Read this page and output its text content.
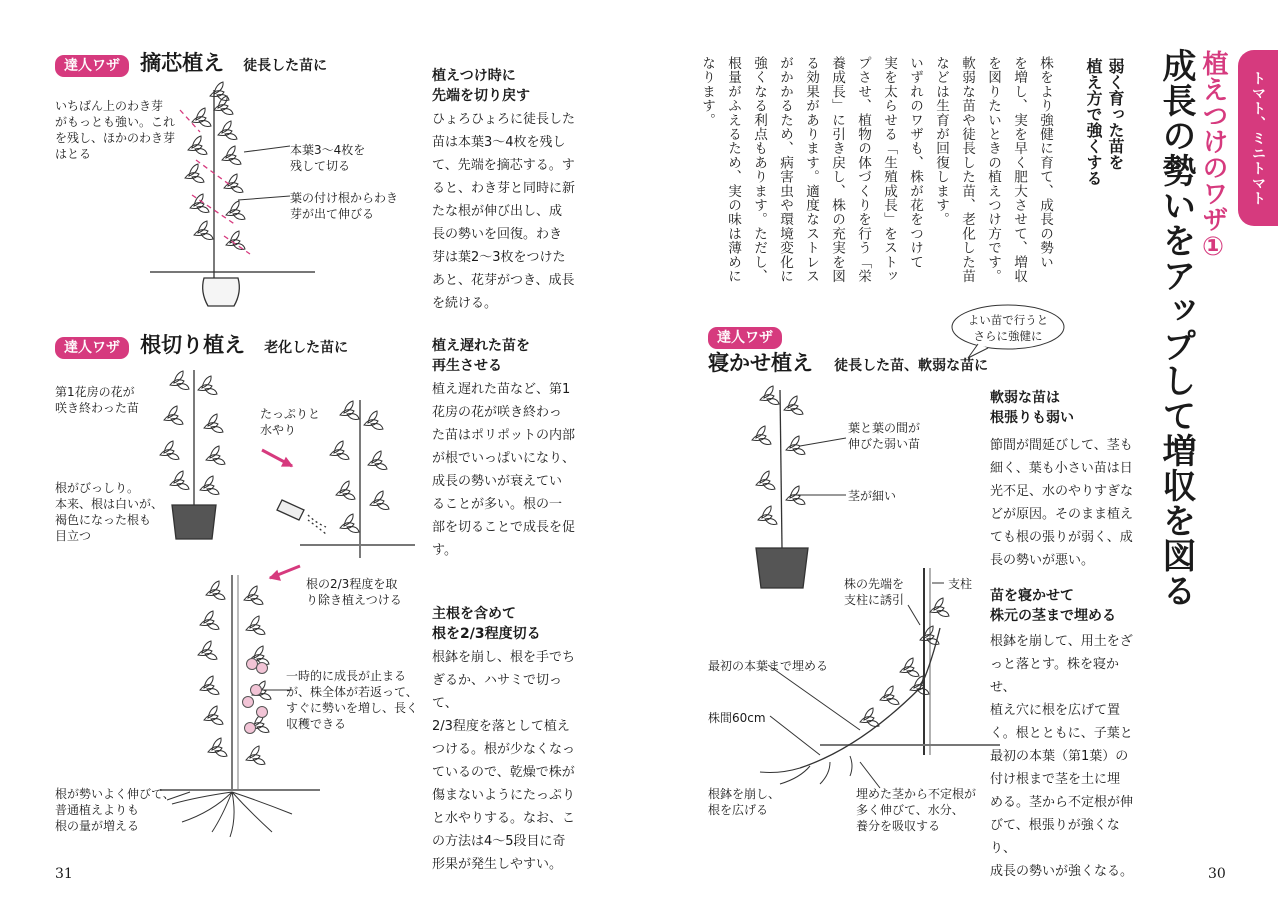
トマト、ミニトマト
植えつけのワザ①
成長の勢いをアップして増収を図る
弱く育った苗を
植え方で強くする
株をより強健に育て、成長の勢い
を増し、実を早く肥大させて、増収
を図りたいときの植えつけ方です。
軟弱な苗や徒長した苗、老化した苗
などは生育が回復します。
いずれのワザも、株が花をつけて
実を太らせる「生殖成長」をストッ
プさせ、植物の体づくりを行う「栄
養成長」に引き戻し、株の充実を図
る効果があります。適度なストレス
がかかるため、病害虫や環境変化に
強くなる利点もあります。ただし、
根量がふえるため、実の味は薄めに
なります。
よい苗で行うと
さらに強健に
達人ワザ
寝かせ植え 徒長した苗、軟弱な苗に
葉と葉の間が
伸びた弱い苗
茎が細い
株の先端を
支柱に誘引
支柱
最初の本葉まで埋める
株間60cm
根鉢を崩し、
根を広げる
埋めた茎から不定根が
多く伸びて、水分、
養分を吸収する
軟弱な苗は
根張りも弱い
節間が間延びして、茎も
細く、葉も小さい苗は日
光不足、水のやりすぎな
どが原因。そのまま植え
ても根の張りが弱く、成
長の勢いが悪い。
苗を寝かせて
株元の茎まで埋める
根鉢を崩して、用土をざ
っと落とす。株を寝かせ、
植え穴に根を広げて置
く。根とともに、子葉と
最初の本葉（第1葉）の
付け根まで茎を土に埋
める。茎から不定根が伸
びて、根張りが強くなり、
成長の勢いが強くなる。	30
達人ワザ 摘芯植え 徒長した苗に
いちばん上のわき芽
がもっとも強い。これ
を残し、ほかのわき芽
はとる	本葉3～4枚を
残して切る
葉の付け根からわき
芽が出て伸びる
植えつけ時に
先端を切り戻す
ひょろひょろに徒長した
苗は本葉3～4枚を残し
て、先端を摘芯する。す
ると、わき芽と同時に新
たな根が伸び出し、成
長の勢いを回復。わき
芽は葉2～3枚をつけた
あと、花芽がつき、成長
を続ける。
達人ワザ 根切り植え 老化した苗に
第1花房の花が
咲き終わった苗
根がびっしり。
本来、根は白いが、
褐色になった根も
目立つ
たっぷりと
水やり
根の2/3程度を取
り除き植えつける
一時的に成長が止まる
が、株全体が若返って、
すぐに勢いを増し、長く
収穫できる
根が勢いよく伸びて、
普通植えよりも
根の量が増える
植え遅れた苗を
再生させる
植え遅れた苗など、第1
花房の花が咲き終わっ
た苗はポリポットの内部
が根でいっぱいになり、
成長の勢いが衰えてい
ることが多い。根の一
部を切ることで成長を促
す。
主根を含めて
根を2/3程度切る
根鉢を崩し、根を手でち
ぎるか、ハサミで切って、
2/3程度を落として植え
つける。根が少なくなっ
ているので、乾燥で株が
傷まないようにたっぷり
と水やりする。なお、こ
の方法は4～5段目に奇
形果が発生しやすい。
31
